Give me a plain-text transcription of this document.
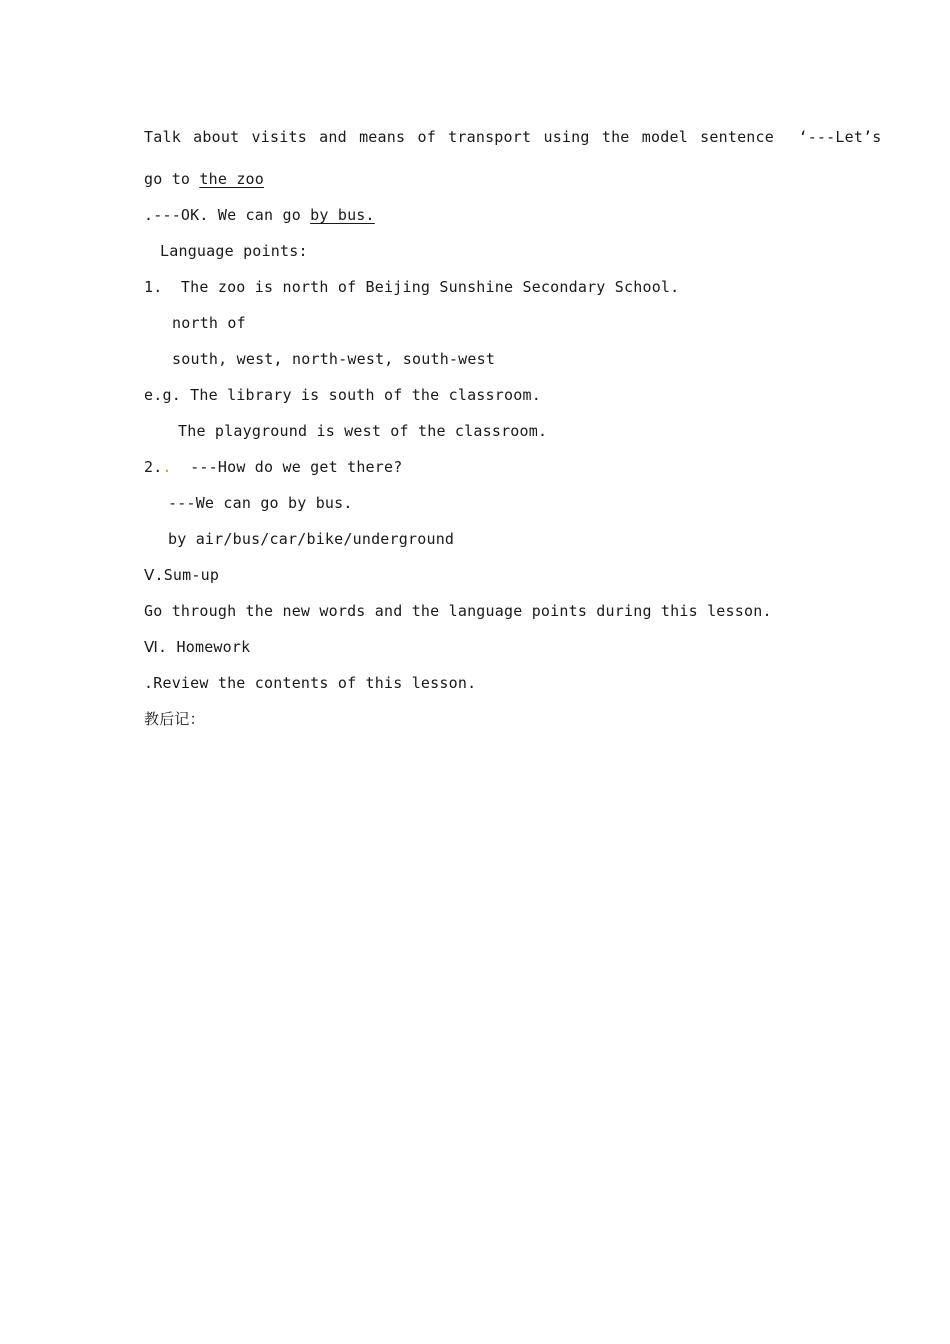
Talk about visits and means of transport using the model sentence  ‘---Let’s
go to the zoo
.---OK. We can go by bus.
Language points:
1.  The zoo is north of Beijing Sunshine Secondary School.
north of
south, west, north-west, south-west
e.g. The library is south of the classroom.
The playground is west of the classroom.
2.. ---How do we get there?
---We can go by bus.
by air/bus/car/bike/underground
Ⅴ.Sum-up
Go through the new words and the language points during this lesson.
Ⅵ. Homework
.Review the contents of this lesson.
教后记：
